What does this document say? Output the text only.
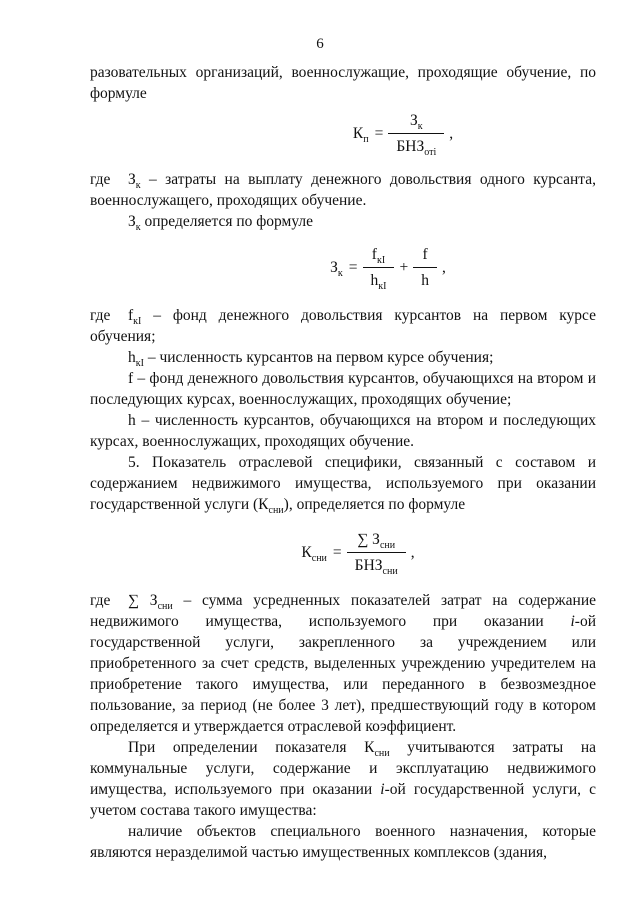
6

разовательных организаций, военнослужащие, проходящие обучение, по формуле

$К_п = \frac{З_к}{БНЗ_{отi}}$ ,

где $З_к$ – затраты на выплату денежного довольствия одного курсанта, военнослужащего, проходящих обучение.

$З_к$ определяется по формуле

$З_к = \frac{f_{кI}}{h_{кI}} + \frac{f}{h}$ ,

где $f_{кI}$ – фонд денежного довольствия курсантов на первом курсе обучения;

$h_{кI}$ – численность курсантов на первом курсе обучения;

f – фонд денежного довольствия курсантов, обучающихся на втором и последующих курсах, военнослужащих, проходящих обучение;

h – численность курсантов, обучающихся на втором и последующих курсах, военнослужащих, проходящих обучение.

5. Показатель отраслевой специфики, связанный с составом и содержанием недвижимого имущества, используемого при оказании государственной услуги $(К_{сни})$, определяется по формуле

$К_{сни} = \frac{\sum З_{сни}}{БНЗ_{сни}}$ ,

где ∑ $З_{сни}$ – сумма усредненных показателей затрат на содержание недвижимого имущества, используемого при оказании i-ой государственной услуги, закрепленного за учреждением или приобретенного за счет средств, выделенных учреждению учредителем на приобретение такого имущества, или переданного в безвозмездное пользование, за период (не более 3 лет), предшествующий году в котором определяется и утверждается отраслевой коэффициент.

При определении показателя $К_{сни}$ учитываются затраты на коммунальные услуги, содержание и эксплуатацию недвижимого имущества, используемого при оказании i-ой государственной услуги, с учетом состава такого имущества:

наличие объектов специального военного назначения, которые являются неразделимой частью имущественных комплексов (здания,
